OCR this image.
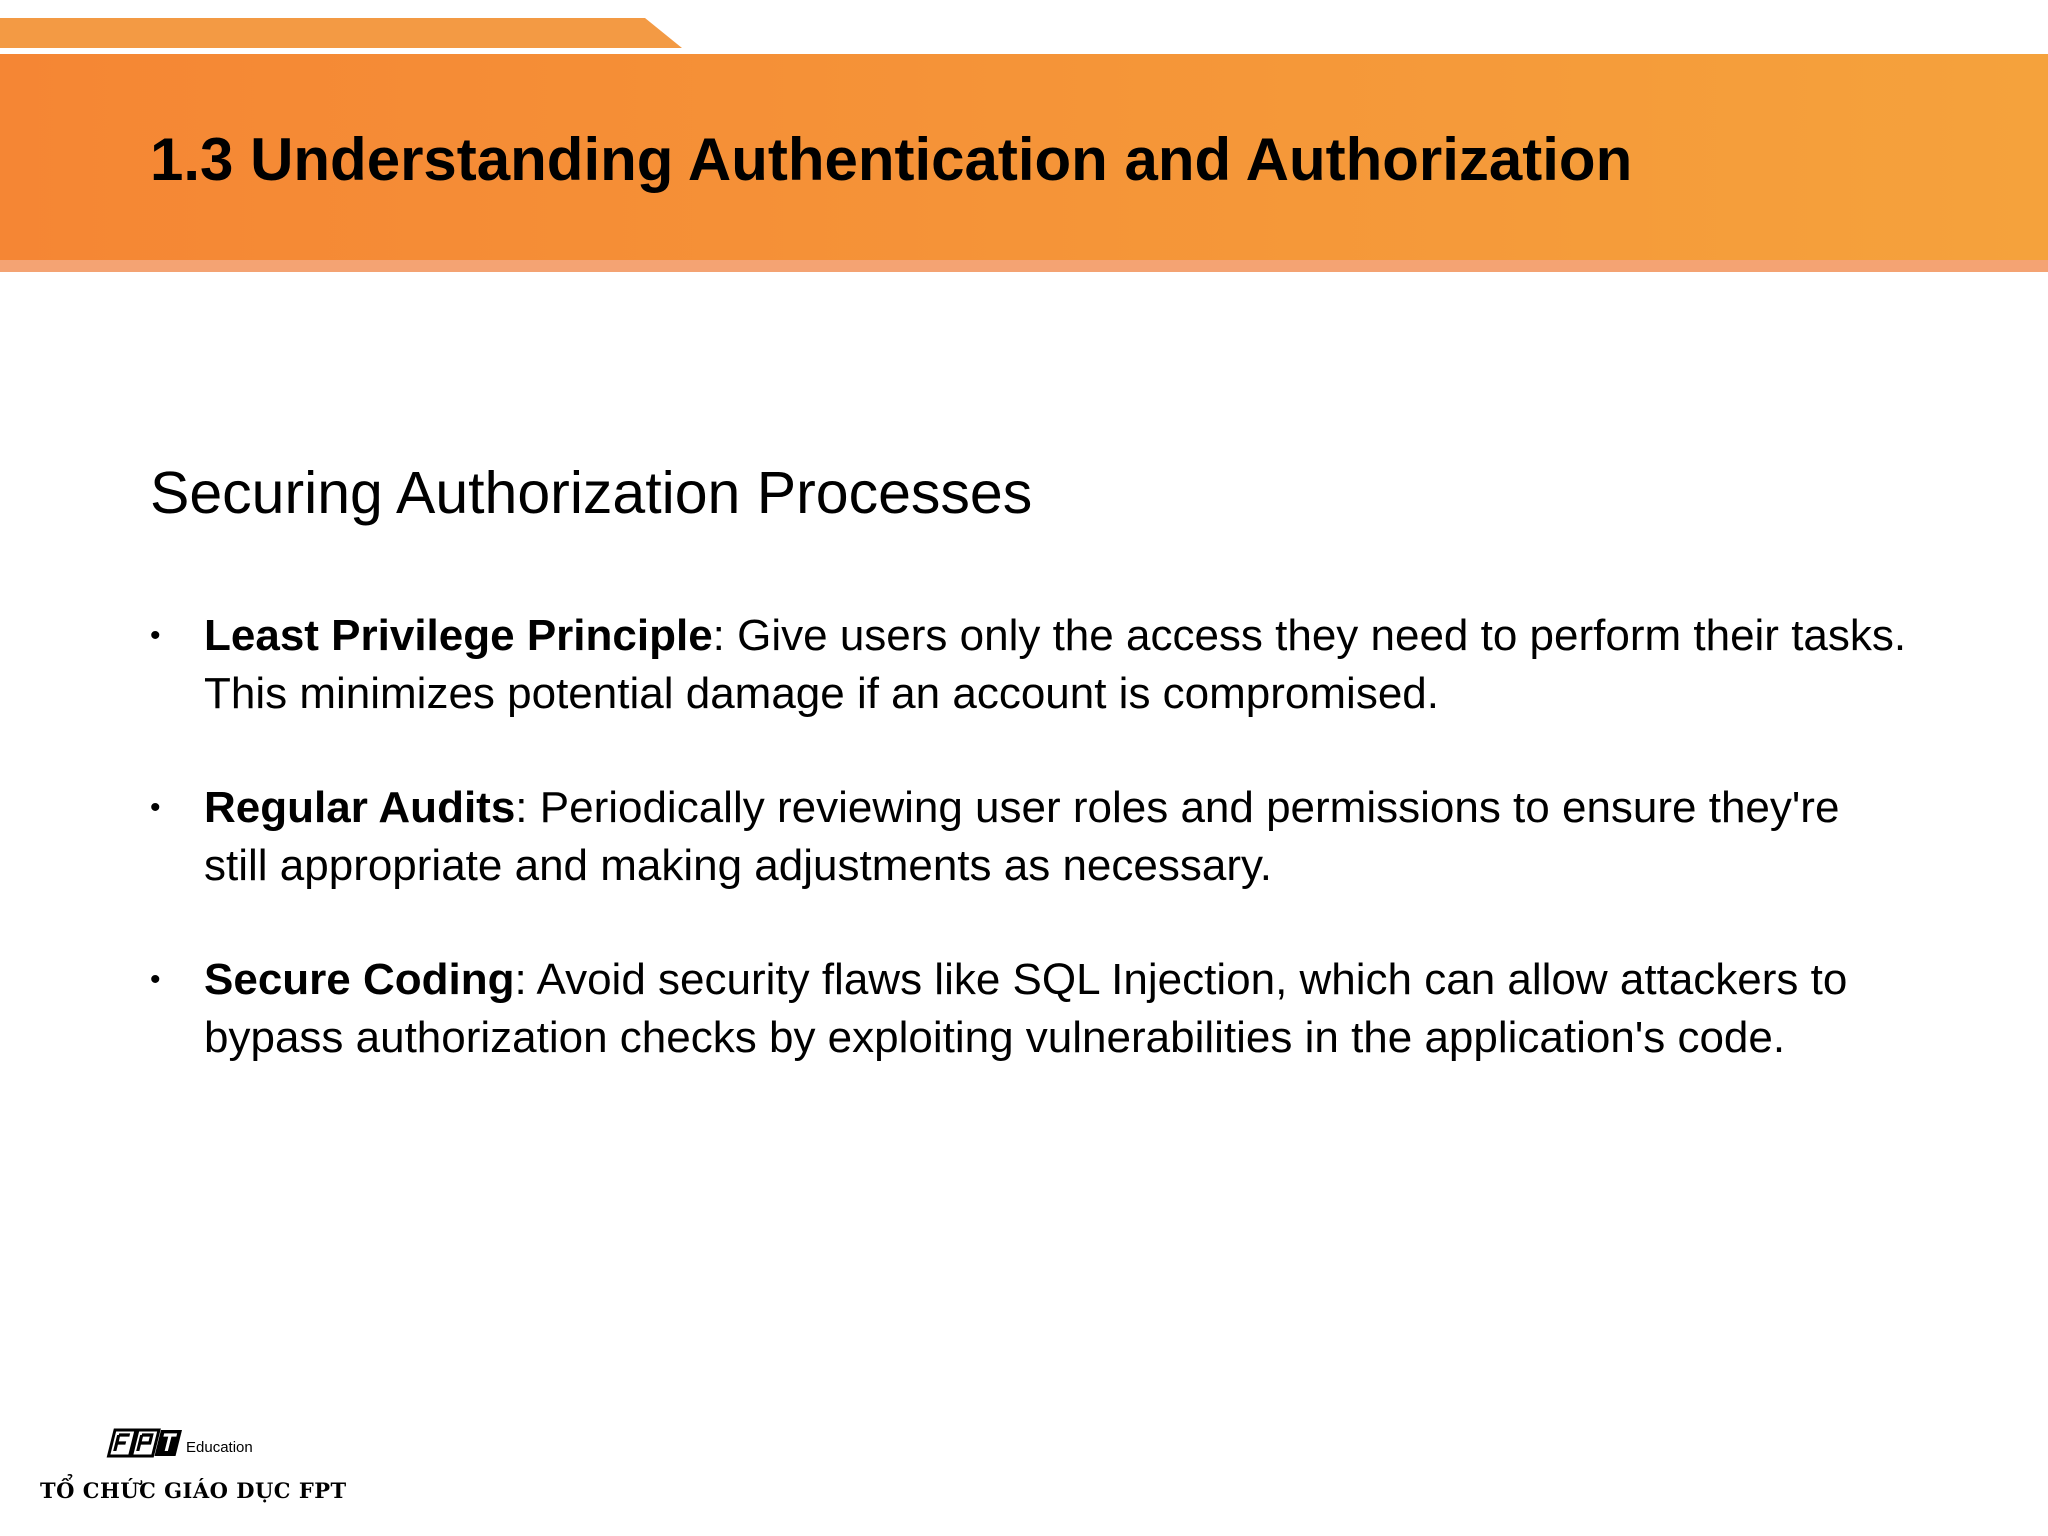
1.3 Understanding Authentication and Authorization
Securing Authorization Processes
• Least Privilege Principle: Give users only the access they need to perform their tasks. This minimizes potential damage if an account is compromised.
• Regular Audits: Periodically reviewing user roles and permissions to ensure they're still appropriate and making adjustments as necessary.
• Secure Coding: Avoid security flaws like SQL Injection, which can allow attackers to bypass authorization checks by exploiting vulnerabilities in the application's code.
Education
TỔ CHỨC GIÁO DỤC FPT
